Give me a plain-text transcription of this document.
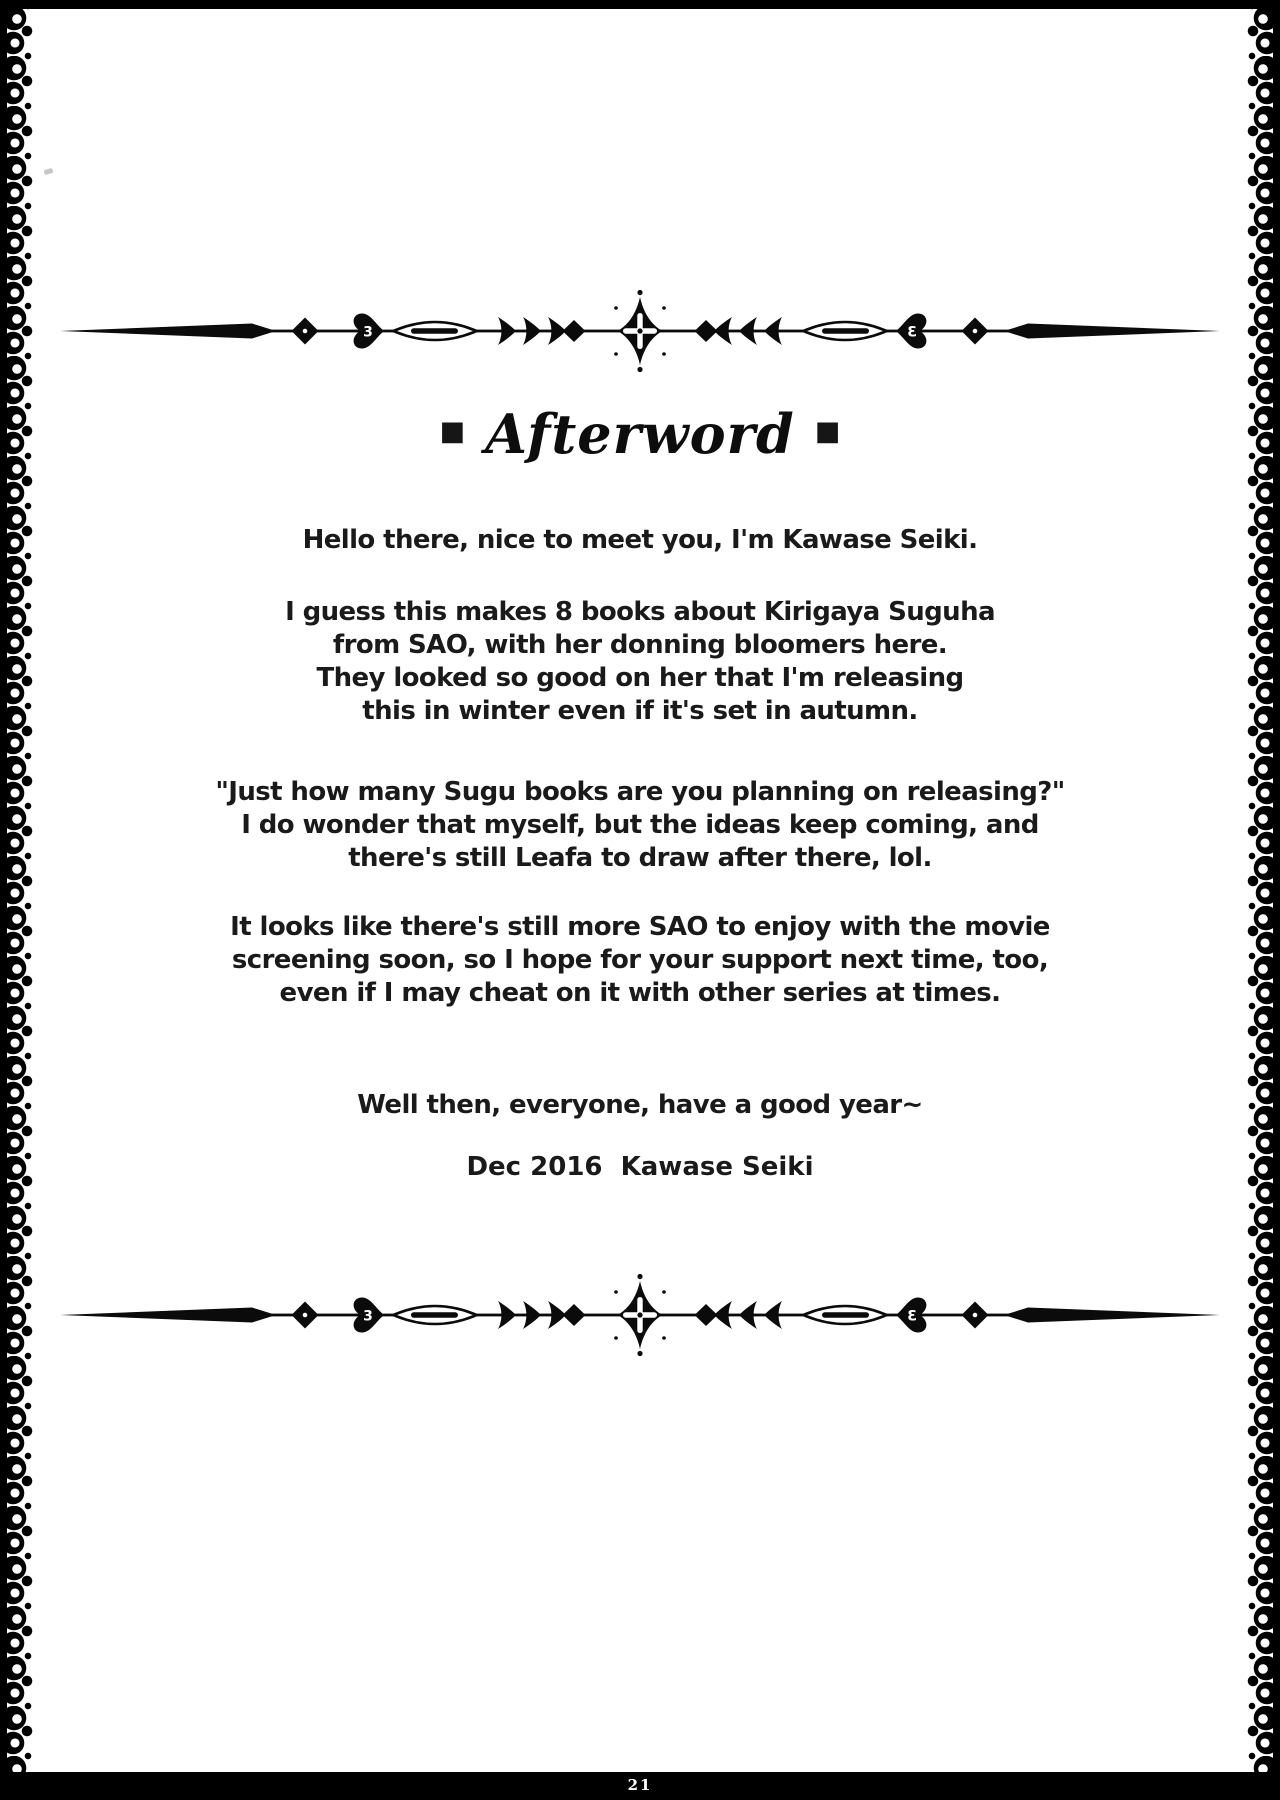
■ Afterword ■
Hello there, nice to meet you, I'm Kawase Seiki.
I guess this makes 8 books about Kirigaya Suguha
from SAO, with her donning bloomers here.
They looked so good on her that I'm releasing
this in winter even if it's set in autumn.
"Just how many Sugu books are you planning on releasing?"
I do wonder that myself, but the ideas keep coming, and
there's still Leafa to draw after there, lol.
It looks like there's still more SAO to enjoy with the movie
screening soon, so I hope for your support next time, too,
even if I may cheat on it with other series at times.
Well then, everyone, have a good year~
Dec 2016  Kawase Seiki
21
